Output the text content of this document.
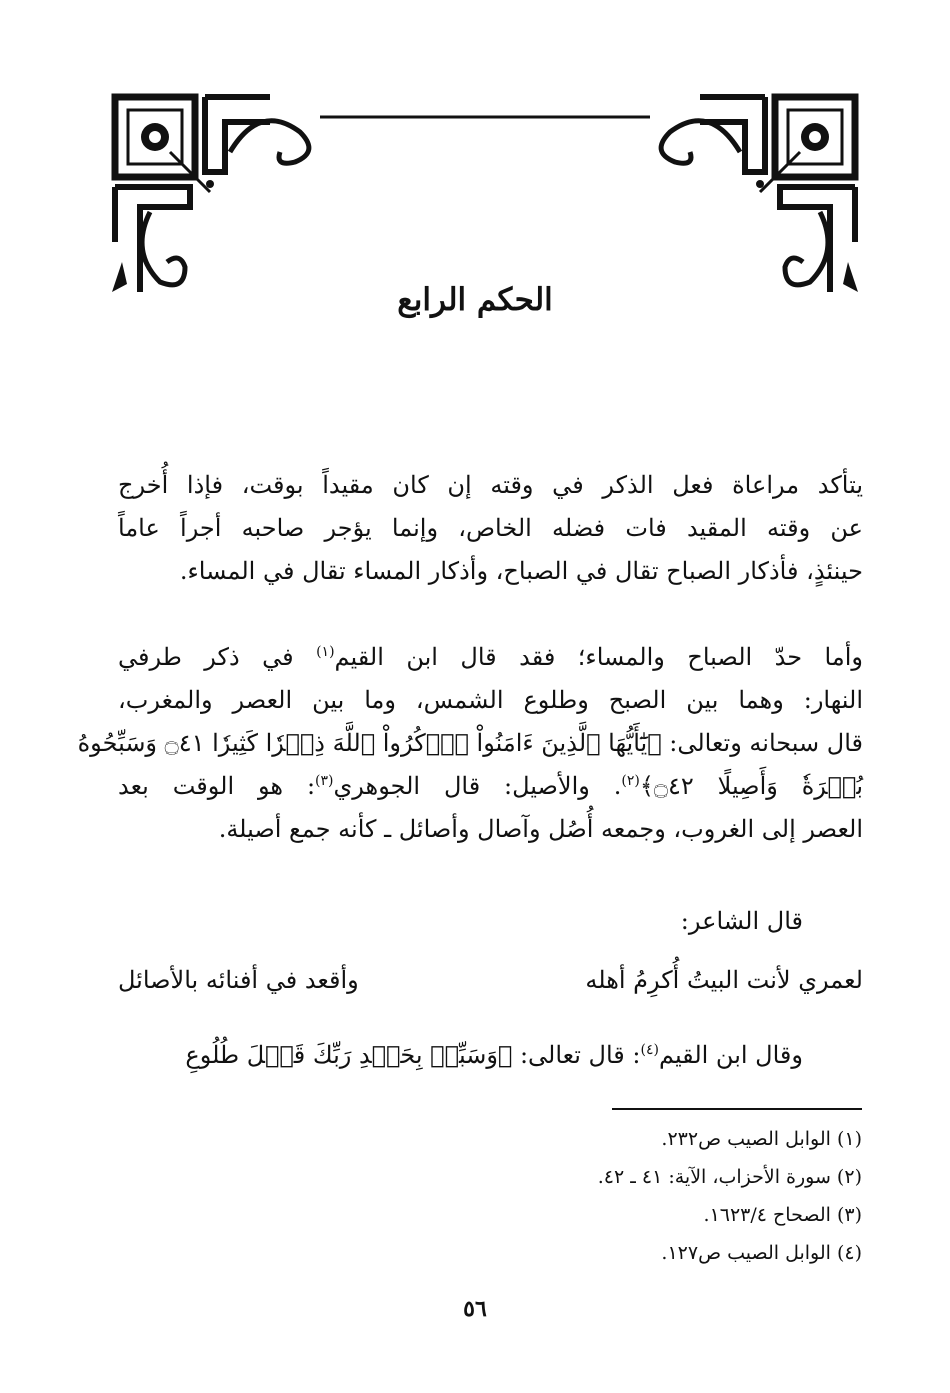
الحكم الرابع
يتأكد مراعاة فعل الذكر في وقته إن كان مقيداً بوقت، فإذا أُخرج
عن وقته المقيد فات فضله الخاص، وإنما يؤجر صاحبه أجراً عاماً
حينئذٍ، فأذكار الصباح تقال في الصباح، وأذكار المساء تقال في المساء.
وأما حدّ الصباح والمساء؛ فقد قال ابن القيم$^{(١)}$ في ذكر طرفي
النهار: وهما بين الصبح وطلوع الشمس، وما بين العصر والمغرب،
قال سبحانه وتعالى: ﴿يَٰٓأَيُّهَا ٱلَّذِينَ ءَامَنُواْ ٱذۡكُرُواْ ٱللَّهَ ذِكۡرٗا كَثِيرٗا ۝٤١ وَسَبِّحُوهُ
بُكۡرَةٗ وَأَصِيلًا ۝٤٢﴾$^{(٢)}$. والأصيل: قال الجوهري$^{(٣)}$: هو الوقت بعد
العصر إلى الغروب، وجمعه أُصُل وآصال وأصائل ـ كأنه جمع أصيلة.
قال الشاعر:
لعمري لأنت البيتُ أُكرِمُ أهله
وأقعد في أفنائه بالأصائل
وقال ابن القيم$^{(٤)}$: قال تعالى: ﴿وَسَبِّحۡ بِحَمۡدِ رَبِّكَ قَبۡلَ طُلُوعِ
(١) الوابل الصيب ص٢٣٢.
(٢) سورة الأحزاب، الآية: ٤١ ـ ٤٢.
(٣) الصحاح ١٦٢٣/٤.
(٤) الوابل الصيب ص١٢٧.
٥٦
